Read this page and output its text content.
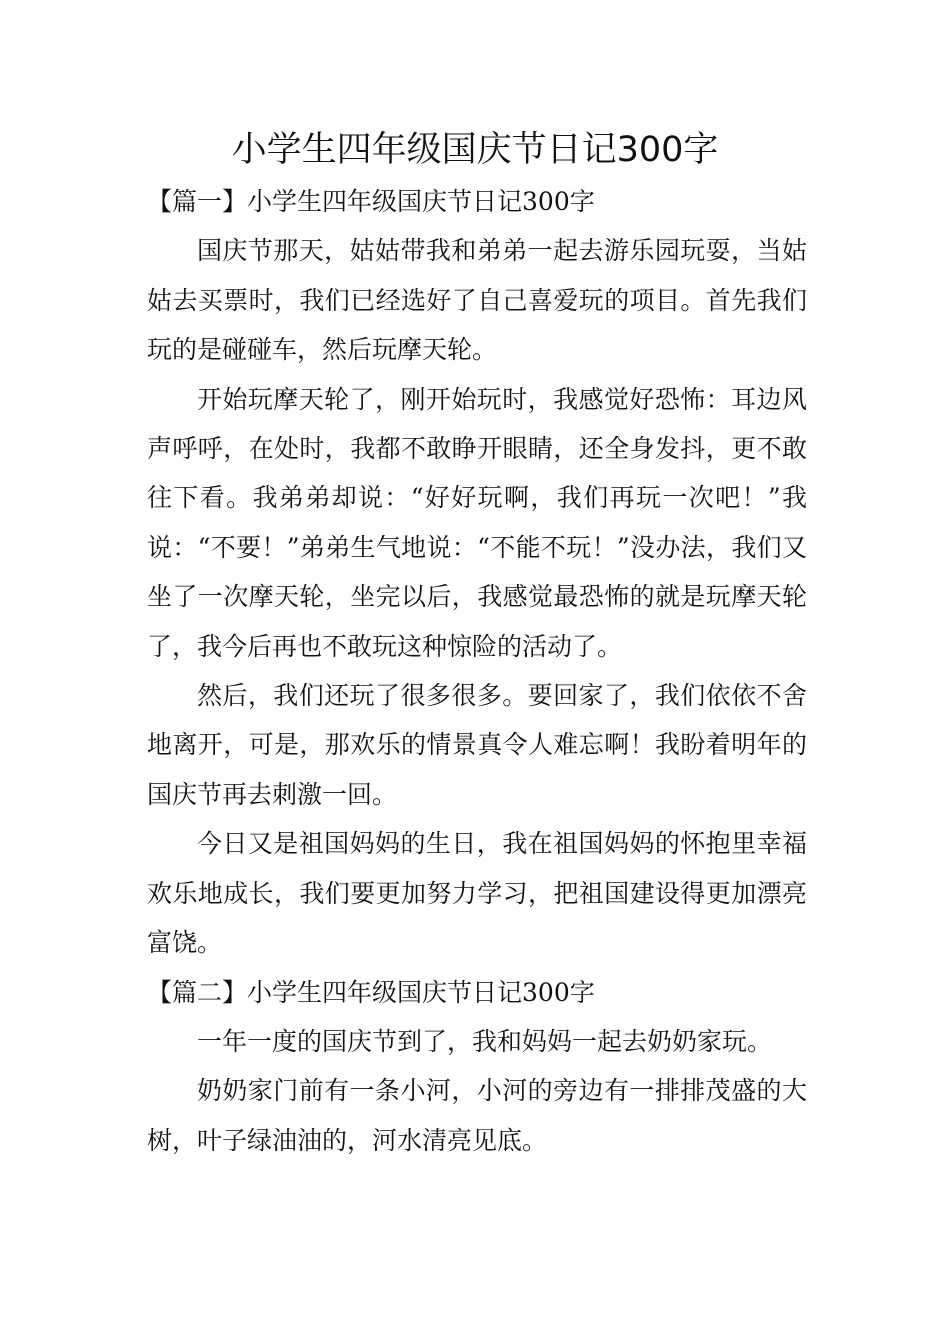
小学生四年级国庆节日记300字

【篇一】小学生四年级国庆节日记300字

国庆节那天，姑姑带我和弟弟一起去游乐园玩耍，当姑姑去买票时，我们已经选好了自己喜爱玩的项目。首先我们玩的是碰碰车，然后玩摩天轮。

开始玩摩天轮了，刚开始玩时，我感觉好恐怖：耳边风声呼呼，在处时，我都不敢睁开眼睛，还全身发抖，更不敢往下看。我弟弟却说：“好好玩啊，我们再玩一次吧！”我说：“不要！”弟弟生气地说：“不能不玩！”没办法，我们又坐了一次摩天轮，坐完以后，我感觉最恐怖的就是玩摩天轮了，我今后再也不敢玩这种惊险的活动了。

然后，我们还玩了很多很多。要回家了，我们依依不舍地离开，可是，那欢乐的情景真令人难忘啊！我盼着明年的国庆节再去刺激一回。

今日又是祖国妈妈的生日，我在祖国妈妈的怀抱里幸福欢乐地成长，我们要更加努力学习，把祖国建设得更加漂亮富饶。

【篇二】小学生四年级国庆节日记300字

一年一度的国庆节到了，我和妈妈一起去奶奶家玩。

奶奶家门前有一条小河，小河的旁边有一排排茂盛的大树，叶子绿油油的，河水清亮见底。
